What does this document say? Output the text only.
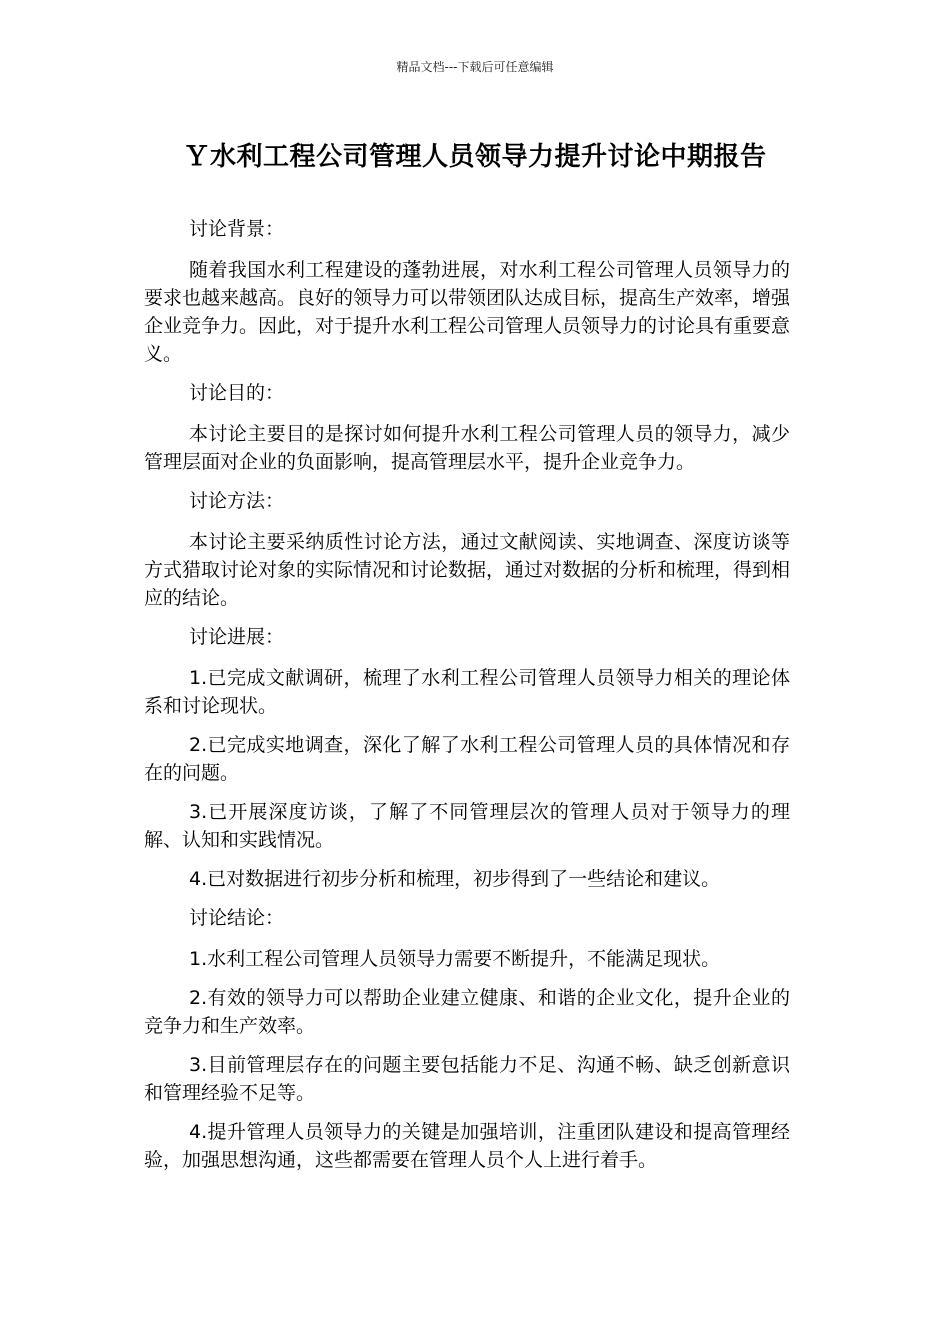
精品文档---下载后可任意编辑
Ｙ水利工程公司管理人员领导力提升讨论中期报告

讨论背景：

随着我国水利工程建设的蓬勃进展，对水利工程公司管理人员领导力的要求也越来越高。良好的领导力可以带领团队达成目标，提高生产效率，增强企业竞争力。因此，对于提升水利工程公司管理人员领导力的讨论具有重要意义。

讨论目的：

本讨论主要目的是探讨如何提升水利工程公司管理人员的领导力，减少管理层面对企业的负面影响，提高管理层水平，提升企业竞争力。

讨论方法：

本讨论主要采纳质性讨论方法，通过文献阅读、实地调查、深度访谈等方式猎取讨论对象的实际情况和讨论数据，通过对数据的分析和梳理，得到相应的结论。

讨论进展：

1.已完成文献调研，梳理了水利工程公司管理人员领导力相关的理论体系和讨论现状。

2.已完成实地调查，深化了解了水利工程公司管理人员的具体情况和存在的问题。

3.已开展深度访谈，了解了不同管理层次的管理人员对于领导力的理解、认知和实践情况。

4.已对数据进行初步分析和梳理，初步得到了一些结论和建议。

讨论结论：

1.水利工程公司管理人员领导力需要不断提升，不能满足现状。

2.有效的领导力可以帮助企业建立健康、和谐的企业文化，提升企业的竞争力和生产效率。

3.目前管理层存在的问题主要包括能力不足、沟通不畅、缺乏创新意识和管理经验不足等。

4.提升管理人员领导力的关键是加强培训，注重团队建设和提高管理经验，加强思想沟通，这些都需要在管理人员个人上进行着手。
